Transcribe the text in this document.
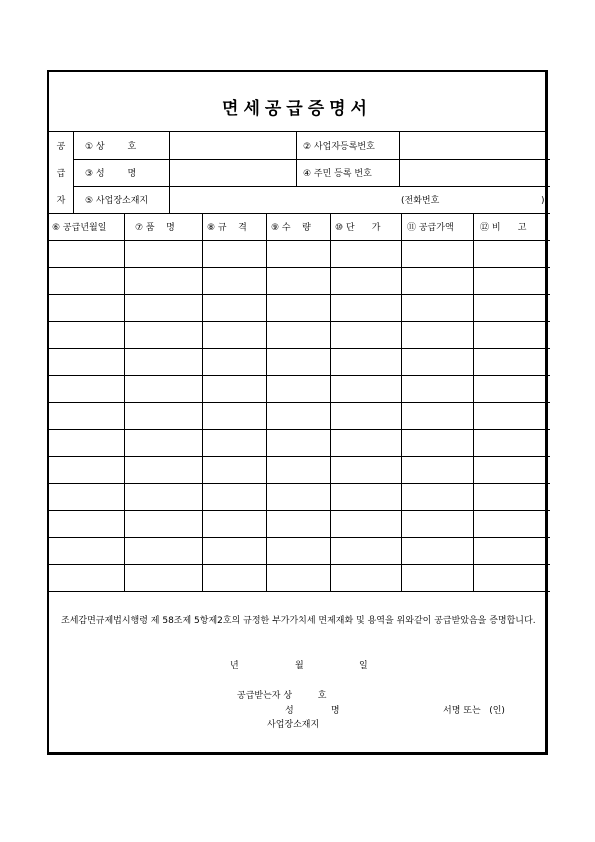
면세공급증명서
공
급
자
① 상        호	② 사업자등록번호
③ 성        명	④ 주민 등록 번호
⑤ 사업장소재지	(전화번호	)
⑥ 공급년월일	⑦ 품    명	⑧ 규    격	⑨ 수    량	⑩ 단      가	⑪ 공급가액	⑫ 비      고
조세감면규제법시행령 제 58조제 5항제2호의 규정한 부가가치세 면제재화 및 용역을 위와같이 공급받았음을 증명합니다.
년	월	일
공급받는자 상         호
성             명	서명 또는   (인)
사업장소재지
